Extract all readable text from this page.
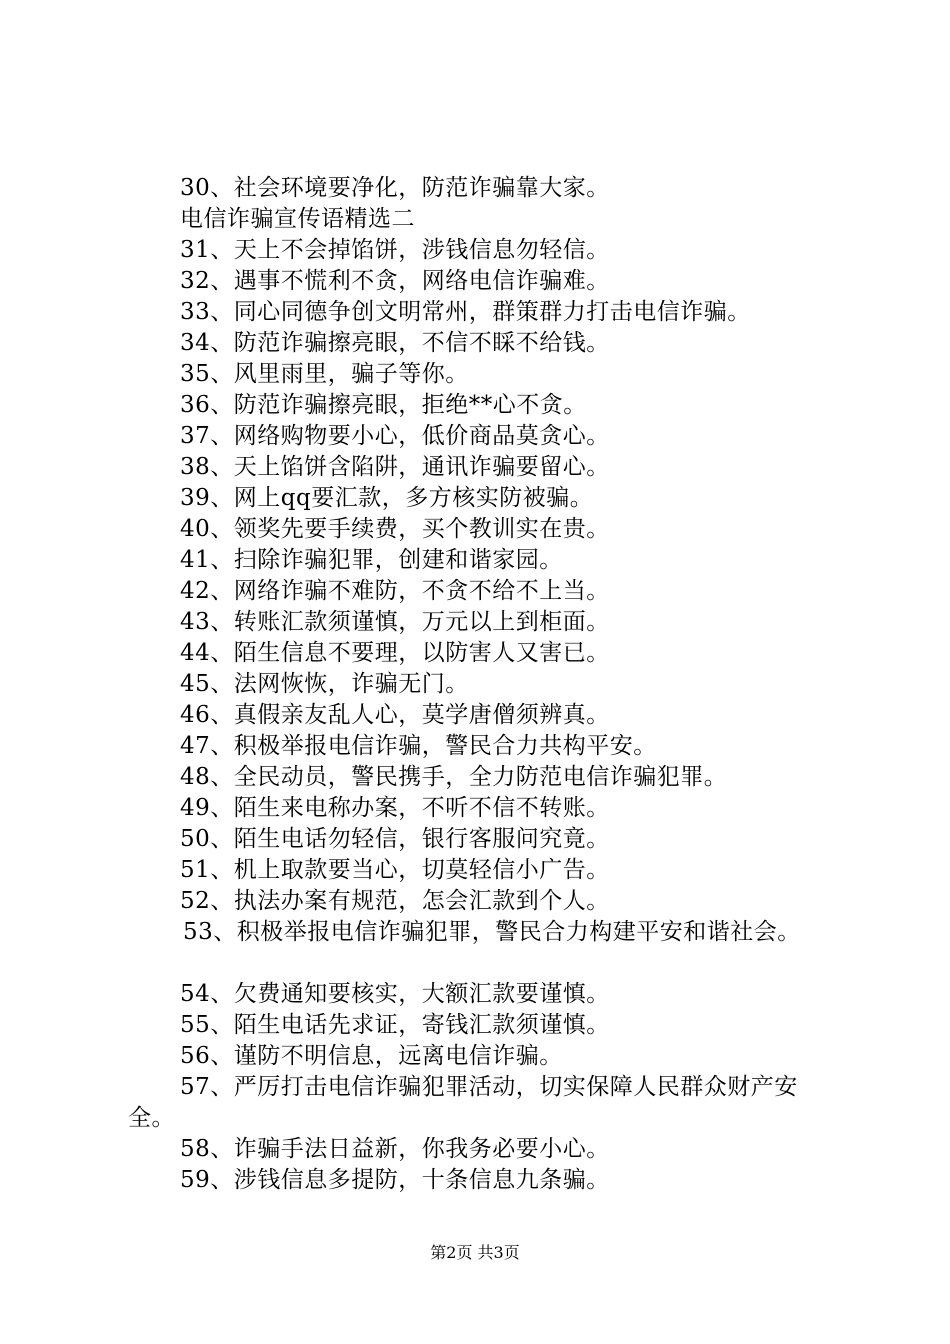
30、社会环境要净化，防范诈骗靠大家。
电信诈骗宣传语精选二
31、天上不会掉馅饼，涉钱信息勿轻信。
32、遇事不慌利不贪，网络电信诈骗难。
33、同心同德争创文明常州，群策群力打击电信诈骗。
34、防范诈骗擦亮眼，不信不睬不给钱。
35、风里雨里，骗子等你。
36、防范诈骗擦亮眼，拒绝**心不贪。
37、网络购物要小心，低价商品莫贪心。
38、天上馅饼含陷阱，通讯诈骗要留心。
39、网上qq要汇款，多方核实防被骗。
40、领奖先要手续费，买个教训实在贵。
41、扫除诈骗犯罪，创建和谐家园。
42、网络诈骗不难防，不贪不给不上当。
43、转账汇款须谨慎，万元以上到柜面。
44、陌生信息不要理，以防害人又害已。
45、法网恢恢，诈骗无门。
46、真假亲友乱人心，莫学唐僧须辨真。
47、积极举报电信诈骗，警民合力共构平安。
48、全民动员，警民携手，全力防范电信诈骗犯罪。
49、陌生来电称办案，不听不信不转账。
50、陌生电话勿轻信，银行客服问究竟。
51、机上取款要当心，切莫轻信小广告。
52、执法办案有规范，怎会汇款到个人。
53、积极举报电信诈骗犯罪，警民合力构建平安和谐社会。
54、欠费通知要核实，大额汇款要谨慎。
55、陌生电话先求证，寄钱汇款须谨慎。
56、谨防不明信息，远离电信诈骗。
57、严厉打击电信诈骗犯罪活动，切实保障人民群众财产安全。
58、诈骗手法日益新，你我务必要小心。
59、涉钱信息多提防，十条信息九条骗。
第2页 共3页
